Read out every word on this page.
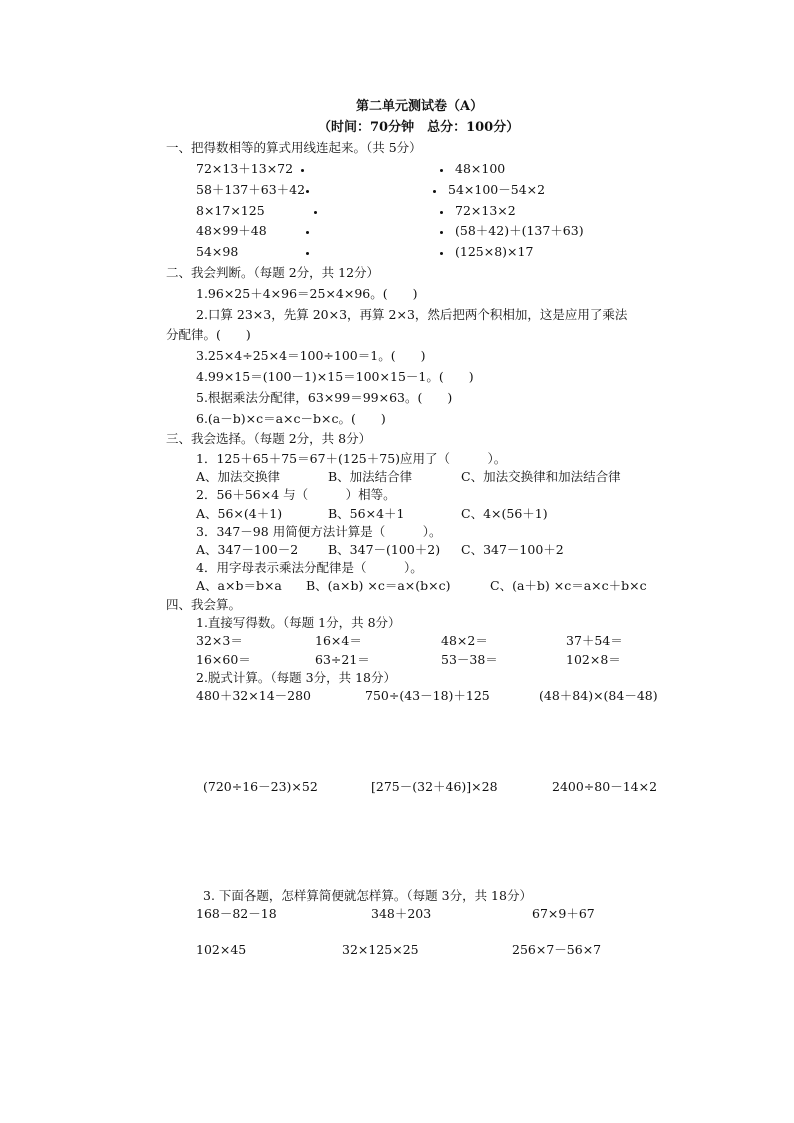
第二单元测试卷（A）
（时间：70分钟　总分：100分）
一、把得数相等的算式用线连起来。（共 5分）
72×13＋13×72
58＋137＋63＋42
8×17×125
48×99＋48
54×98
48×100
54×100－54×2
72×13×2
(58＋42)＋(137＋63)
(125×8)×17
二、我会判断。（每题 2分，共 12分）
1.96×25＋4×96＝25×4×96。(　　)
2.口算 23×3，先算 20×3，再算 2×3，然后把两个积相加，这是应用了乘法
分配律。(　　)
3.25×4÷25×4＝100÷100＝1。(　　)
4.99×15＝(100－1)×15＝100×15－1。(　　)
5.根据乘法分配律，63×99＝99×63。(　　)
6.(a－b)×c＝a×c－b×c。(　　)
三、我会选择。（每题 2分，共 8分）
1．125＋65＋75＝67＋(125＋75)应用了（　　　）。
A、加法交换律	B、加法结合律	C、加法交换律和加法结合律
2．56＋56×4 与（　　　）相等。
A、56×(4＋1)	B、56×4＋1	C、4×(56＋1)
3．347－98 用简便方法计算是（　　　）。
A、347－100－2 B、347－(100＋2) C、347－100＋2
4．用字母表示乘法分配律是（　　　）。
A、a×b＝b×a B、(a×b) ×c＝a×(b×c)	C、(a＋b) ×c＝a×c＋b×c
四、我会算。
1.直接写得数。（每题 1分，共 8分）
32×3＝	16×4＝	48×2＝	37＋54＝
16×60＝	63÷21＝	53－38＝	102×8＝
2.脱式计算。（每题 3分，共 18分）
480＋32×14－280	750÷(43－18)＋125	(48＋84)×(84－48)
(720÷16－23)×52	[275－(32＋46)]×28	2400÷80－14×2
3. 下面各题，怎样算简便就怎样算。（每题 3分，共 18分）
168－82－18	348＋203	67×9＋67
102×45	32×125×25	256×7－56×7
